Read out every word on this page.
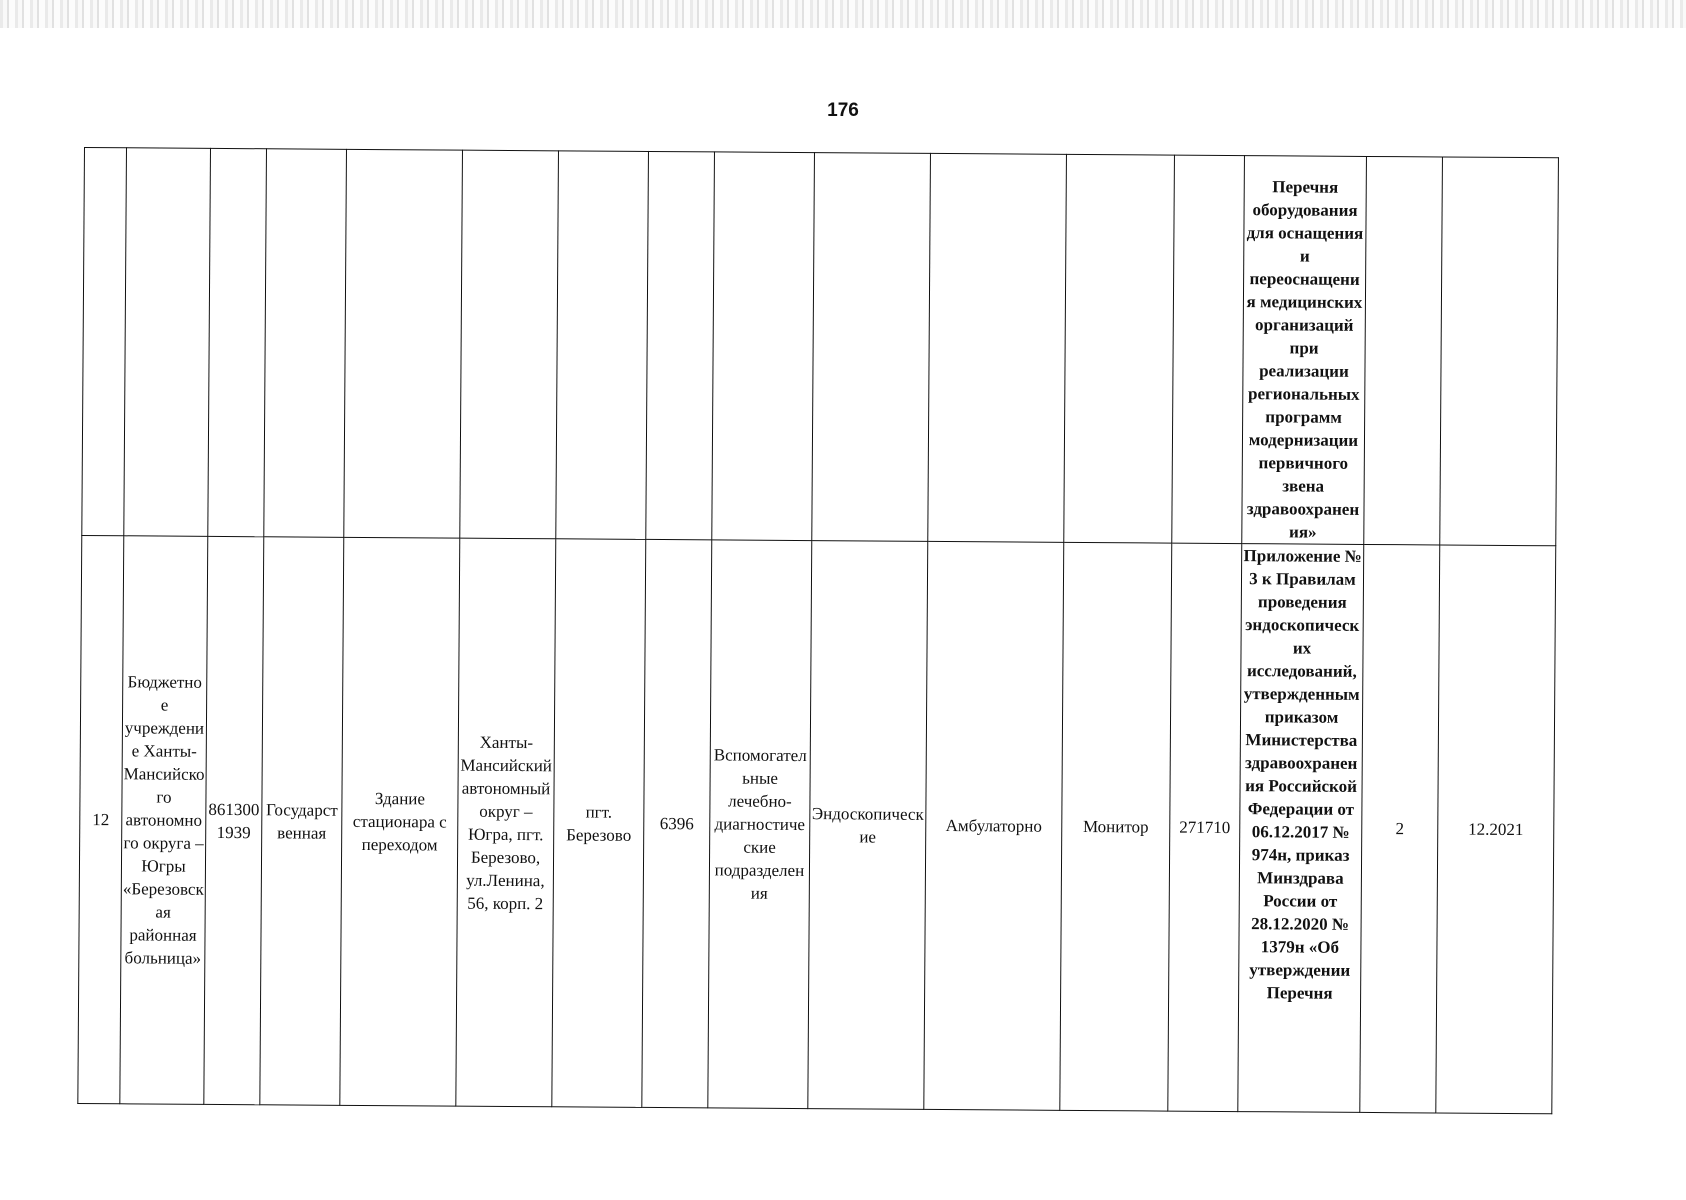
176
													Перечня оборудования для оснащения и переоснащения медицинских организаций при реализации региональных программ модернизации первичного звена здравоохранения»		
12	Бюджетное учреждение Ханты-Мансийского автономного округа – Югры «Березовская районная больница»	8613001939	Государственная	Здание стационара с переходом	Ханты-Мансийский автономный округ – Югра, пгт. Березово, ул.Ленина, 56, корп. 2	пгт. Березово	6396	Вспомогательные лечебно-диагностические подразделения	Эндоскопические	Амбулаторно	Монитор	271710	Приложение № 3 к Правилам проведения эндоскопических исследований, утвержденным приказом Министерства здравоохранения Российской Федерации от 06.12.2017 № 974н, приказ Минздрава России от 28.12.2020 № 1379н «Об утверждении Перечня	2	12.2021
